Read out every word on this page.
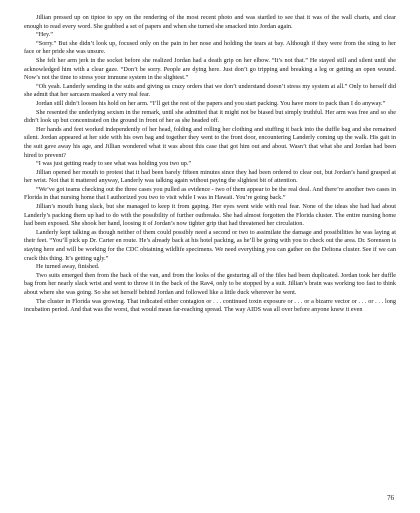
Jillian pressed up on tiptoe to spy on the rendering of the most recent photo and was startled to see that it was of the wall charts, and clear enough to read every word. She grabbed a set of papers and when she turned she smacked into Jordan again.

“Hey.”

“Sorry.” But she didn’t look up, focused only on the pain in her nose and holding the tears at bay. Although if they were from the sting to her face or her pride she was unsure.

She felt her arm jerk in the socket before she realized Jordan had a death grip on her elbow. “It’s not that.” He stayed still and silent until she acknowledged him with a clear gaze. “Don’t be sorry. People are dying here. Just don’t go tripping and breaking a leg or getting an open wound. Now’s not the time to stress your immune system in the slightest.”

“Oh yeah. Landerly sending in the suits and giving us crazy orders that we don’t understand doesn’t stress my system at all.” Only to herself did she admit that her sarcasm masked a very real fear.

Jordan still didn’t loosen his hold on her arm. “I’ll get the rest of the papers and you start packing. You have more to pack than I do anyway.”

She resented the underlying sexism in the remark, until she admitted that it might not be biased but simply truthful. Her arm was free and so she didn’t look up but concentrated on the ground in front of her as she headed off.

Her hands and feet worked independently of her head, folding and rolling her clothing and stuffing it back into the duffle bag and she remained silent. Jordan appeared at her side with his own bag and together they went to the front door, encountering Landerly coming up the walk. His gait in the suit gave away his age, and Jillian wondered what it was about this case that got him out and about. Wasn’t that what she and Jordan had been hired to prevent?

“I was just getting ready to see what was holding you two up.”

Jillian opened her mouth to protest that it had been barely fifteen minutes since they had been ordered to clear out, but Jordan’s hand grasped at her wrist. Not that it mattered anyway, Landerly was talking again without paying the slightest bit of attention.

“We’ve got teams checking out the three cases you pulled as evidence - two of them appear to be the real deal. And there’re another two cases in Florida in that nursing home that I authorized you two to visit while I was in Hawaii. You’re going back.”

Jillian’s mouth hung slack, but she managed to keep it from gaping. Her eyes went wide with real fear. None of the ideas she had had about Landerly’s packing them up had to do with the possibility of further outbreaks. She had almost forgotten the Florida cluster. The entire nursing home had been exposed. She shook her hand, loosing it of Jordan’s now tighter grip that had threatened her circulation.

Landerly kept talking as though neither of them could possibly need a second or two to assimilate the damage and possibilities he was laying at their feet. “You’ll pick up Dr. Carter en route. He’s already back at his hotel packing, as he’ll be going with you to check out the area. Dr. Sorenson is staying here and will be working for the CDC obtaining wildlife specimens. We need everything you can gather on the Deltona cluster. See if we can crack this thing. It’s getting ugly.”

He turned away, finished.

Two suits emerged then from the back of the van, and from the looks of the gesturing all of the files had been duplicated. Jordan took her duffle bag from her nearly slack wrist and went to throw it in the back of the Rav4, only to be stopped by a suit. Jillian’s brain was working too fast to think about where she was going. So she set herself behind Jordan and followed like a little duck wherever he went.

The cluster in Florida was growing. That indicated either contagion or . . . continued toxin exposure or . . . or a bizarre vector or . . . or . . . long incubation period. And that was the worst, that would mean far-reaching spread. The way AIDS was all over before anyone knew it even

76
